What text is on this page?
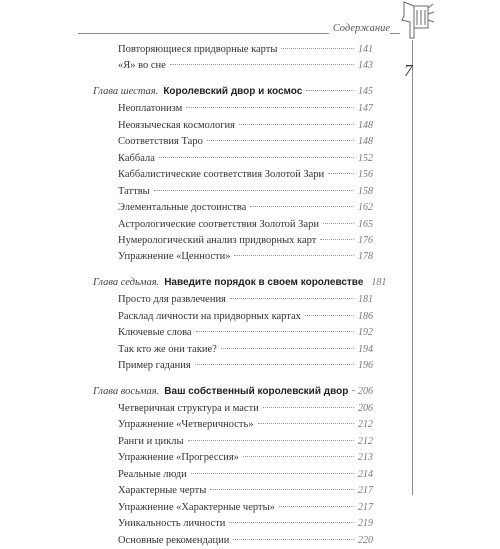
Содержание
7
Повторяющиеся придворные карты	141
«Я» во сне	143
Глава шестая. Королевский двор и космос	145
Неоплатонизм	147
Неоязыческая космология	148
Соответствия Таро	148
Каббала	152
Каббалистические соответствия Золотой Зари	156
Таттвы	158
Элементальные достоинства	162
Астрологические соответствия Золотой Зари	165
Нумерологический анализ придворных карт	176
Упражнение «Ценности»	178
Глава седьмая. Наведите порядок в своем королевстве 181
Просто для развлечения	181
Расклад личности на придворных картах	186
Ключевые слова	192
Так кто же они такие?	194
Пример гадания	196
Глава восьмая. Ваш собственный королевский двор 206
Четверичная структура и масти	206
Упражнение «Четверичность»	212
Ранги и циклы	212
Упражнение «Прогрессия»	213
Реальные люди	214
Характерные черты	217
Упражнение «Характерные черты»	217
Уникальность личности	219
Основные рекомендации	220
